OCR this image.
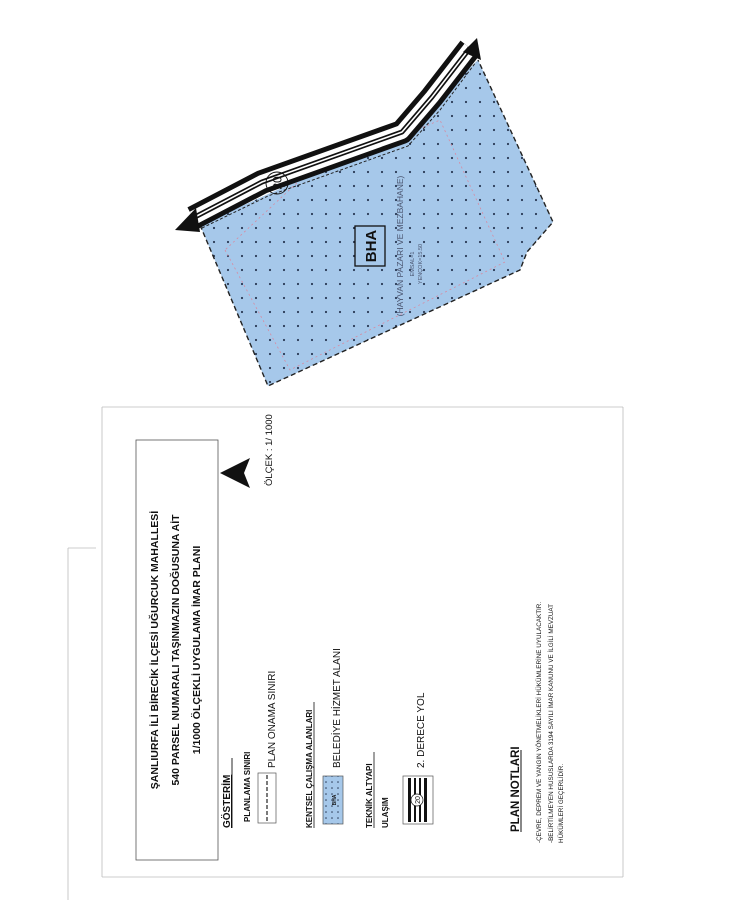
20
BHA (HAYVAN PAZARI VE MEZBAHANE) EMSAL=1 YENÇOK=15.50
ŞANLIURFA İLİ BİRECİK İLÇESİ UĞURCUK MAHALLESİ 540 PARSEL NUMARALI TAŞINMAZIN DOĞUSUNA AİT 1/1000 ÖLÇEKLİ UYGULAMA İMAR PLANI
ÖLÇEK : 1/ 1000
GÖSTERİM PLANLAMA SINIRI
PLAN ONAMA SINIRI	KENTSEL ÇALIŞMA ALANLARI	BHA
BELEDİYE HİZMET ALANI
TEKNİK ALTYAPI ULAŞIM	20
2. DERECE YOL
PLAN NOTLARI	-ÇEVRE, DEPREM VE YANGIN YÖNETMELİKLERİ HÜKÜMLERİNE UYULACAKTIR. -BELİRTİLMEYEN HUSUSLARDA 3194 SAYILI İMAR KANUNU VE İLGİLİ MEVZUAT HÜKÜMLERİ GEÇERLİDİR.
